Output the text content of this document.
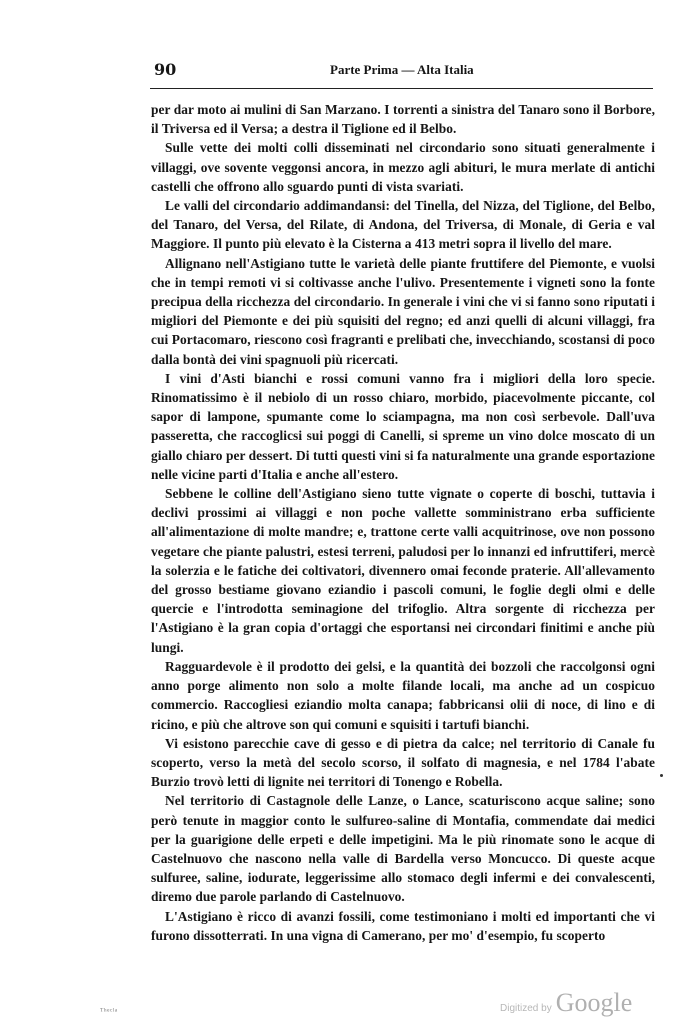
90	Parte Prima — Alta Italia

per dar moto ai mulini di San Marzano. I torrenti a sinistra del Tanaro sono il Borbore, il Triversa ed il Versa; a destra il Tiglione ed il Belbo.

Sulle vette dei molti colli disseminati nel circondario sono situati generalmente i villaggi, ove sovente veggonsi ancora, in mezzo agli abituri, le mura merlate di antichi castelli che offrono allo sguardo punti di vista svariati.

Le valli del circondario addimandansi: del Tinella, del Nizza, del Tiglione, del Belbo, del Tanaro, del Versa, del Rilate, di Andona, del Triversa, di Monale, di Geria e val Maggiore. Il punto più elevato è la Cisterna a 413 metri sopra il livello del mare.

Allignano nell'Astigiano tutte le varietà delle piante fruttifere del Piemonte, e vuolsi che in tempi remoti vi si coltivasse anche l'ulivo. Presentemente i vigneti sono la fonte precipua della ricchezza del circondario. In generale i vini che vi si fanno sono riputati i migliori del Piemonte e dei più squisiti del regno; ed anzi quelli di alcuni villaggi, fra cui Portacomaro, riescono così fragranti e prelibati che, invecchiando, scostansi di poco dalla bontà dei vini spagnuoli più ricercati.

I vini d'Asti bianchi e rossi comuni vanno fra i migliori della loro specie. Rinomatissimo è il nebiolo di un rosso chiaro, morbido, piacevolmente piccante, col sapor di lampone, spumante come lo sciampagna, ma non così serbevole. Dall'uva passeretta, che raccoglicsi sui poggi di Canelli, si spreme un vino dolce moscato di un giallo chiaro per dessert. Di tutti questi vini si fa naturalmente una grande esportazione nelle vicine parti d'Italia e anche all'estero.

Sebbene le colline dell'Astigiano sieno tutte vignate o coperte di boschi, tuttavia i declivi prossimi ai villaggi e non poche vallette somministrano erba sufficiente all'alimentazione di molte mandre; e, trattone certe valli acquitrinose, ove non possono vegetare che piante palustri, estesi terreni, paludosi per lo innanzi ed infruttiferi, mercè la solerzia e le fatiche dei coltivatori, divennero omai feconde praterie. All'allevamento del grosso bestiame giovano eziandio i pascoli comuni, le foglie degli olmi e delle quercie e l'introdotta seminagione del trifoglio. Altra sorgente di ricchezza per l'Astigiano è la gran copia d'ortaggi che esportansi nei circondari finitimi e anche più lungi.

Ragguardevole è il prodotto dei gelsi, e la quantità dei bozzoli che raccolgonsi ogni anno porge alimento non solo a molte filande locali, ma anche ad un cospicuo commercio. Raccogliesi eziandio molta canapa; fabbricansi olii di noce, di lino e di ricino, e più che altrove son qui comuni e squisiti i tartufi bianchi.

Vi esistono parecchie cave di gesso e di pietra da calce; nel territorio di Canale fu scoperto, verso la metà del secolo scorso, il solfato di magnesia, e nel 1784 l'abate Burzio trovò letti di lignite nei territori di Tonengo e Robella.

Nel territorio di Castagnole delle Lanze, o Lance, scaturiscono acque saline; sono però tenute in maggior conto le sulfureo-saline di Montafia, commendate dai medici per la guarigione delle erpeti e delle impetigini. Ma le più rinomate sono le acque di Castelnuovo che nascono nella valle di Bardella verso Moncucco. Di queste acque sulfuree, saline, iodurate, leggerissime allo stomaco degli infermi e dei convalescenti, diremo due parole parlando di Castelnuovo.

L'Astigiano è ricco di avanzi fossili, come testimoniano i molti ed importanti che vi furono dissotterrati. In una vigna di Camerano, per mo' d'esempio, fu scoperto

ᵀʰᵉᶜˡᵃ	Digitized by Google
